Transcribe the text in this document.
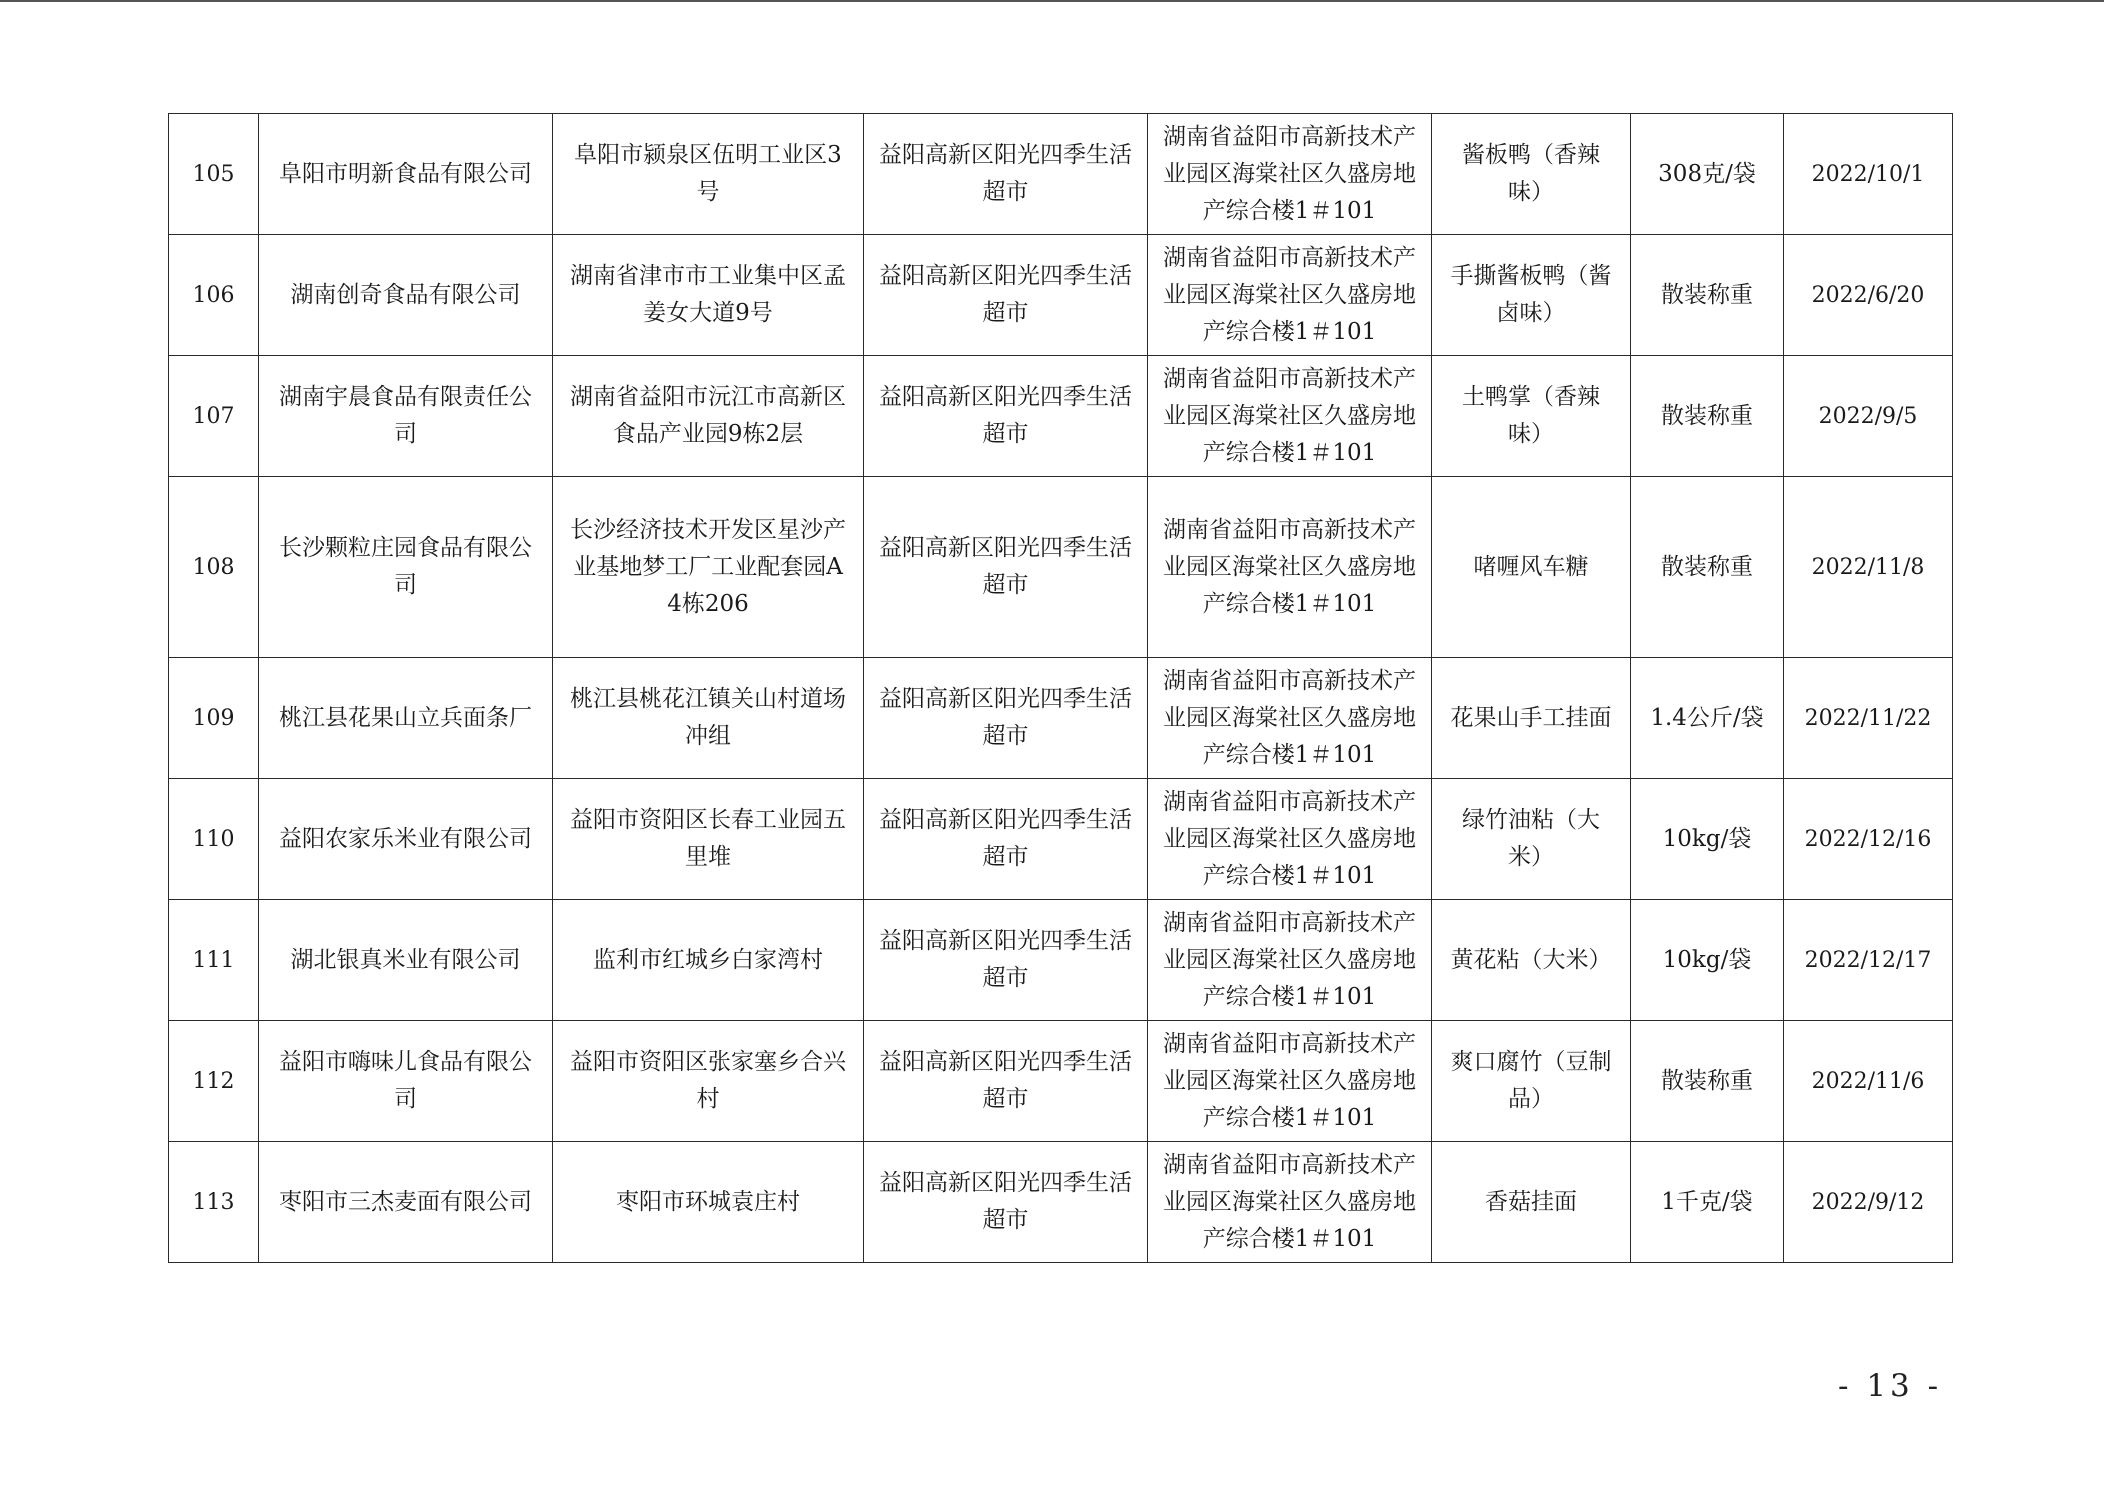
105	阜阳市明新食品有限公司	阜阳市颍泉区伍明工业区3号	益阳高新区阳光四季生活超市	湖南省益阳市高新技术产业园区海棠社区久盛房地产综合楼1＃101	酱板鸭（香辣味）	308克/袋	2022/10/1
106	湖南创奇食品有限公司	湖南省津市市工业集中区孟姜女大道9号	益阳高新区阳光四季生活超市	湖南省益阳市高新技术产业园区海棠社区久盛房地产综合楼1＃101	手撕酱板鸭（酱卤味）	散装称重	2022/6/20
107	湖南宇晨食品有限责任公司	湖南省益阳市沅江市高新区食品产业园9栋2层	益阳高新区阳光四季生活超市	湖南省益阳市高新技术产业园区海棠社区久盛房地产综合楼1＃101	土鸭掌（香辣味）	散装称重	2022/9/5
108	长沙颗粒庄园食品有限公司	长沙经济技术开发区星沙产业基地梦工厂工业配套园A4栋206	益阳高新区阳光四季生活超市	湖南省益阳市高新技术产业园区海棠社区久盛房地产综合楼1＃101	啫喱风车糖	散装称重	2022/11/8
109	桃江县花果山立兵面条厂	桃江县桃花江镇关山村道场冲组	益阳高新区阳光四季生活超市	湖南省益阳市高新技术产业园区海棠社区久盛房地产综合楼1＃101	花果山手工挂面	1.4公斤/袋	2022/11/22
110	益阳农家乐米业有限公司	益阳市资阳区长春工业园五里堆	益阳高新区阳光四季生活超市	湖南省益阳市高新技术产业园区海棠社区久盛房地产综合楼1＃101	绿竹油粘（大米）	10kg/袋	2022/12/16
111	湖北银真米业有限公司	监利市红城乡白家湾村	益阳高新区阳光四季生活超市	湖南省益阳市高新技术产业园区海棠社区久盛房地产综合楼1＃101	黄花粘（大米）	10kg/袋	2022/12/17
112	益阳市嗨味儿食品有限公司	益阳市资阳区张家塞乡合兴村	益阳高新区阳光四季生活超市	湖南省益阳市高新技术产业园区海棠社区久盛房地产综合楼1＃101	爽口腐竹（豆制品）	散装称重	2022/11/6
113	枣阳市三杰麦面有限公司	枣阳市环城袁庄村	益阳高新区阳光四季生活超市	湖南省益阳市高新技术产业园区海棠社区久盛房地产综合楼1＃101	香菇挂面	1千克/袋	2022/9/12
- 13 -
